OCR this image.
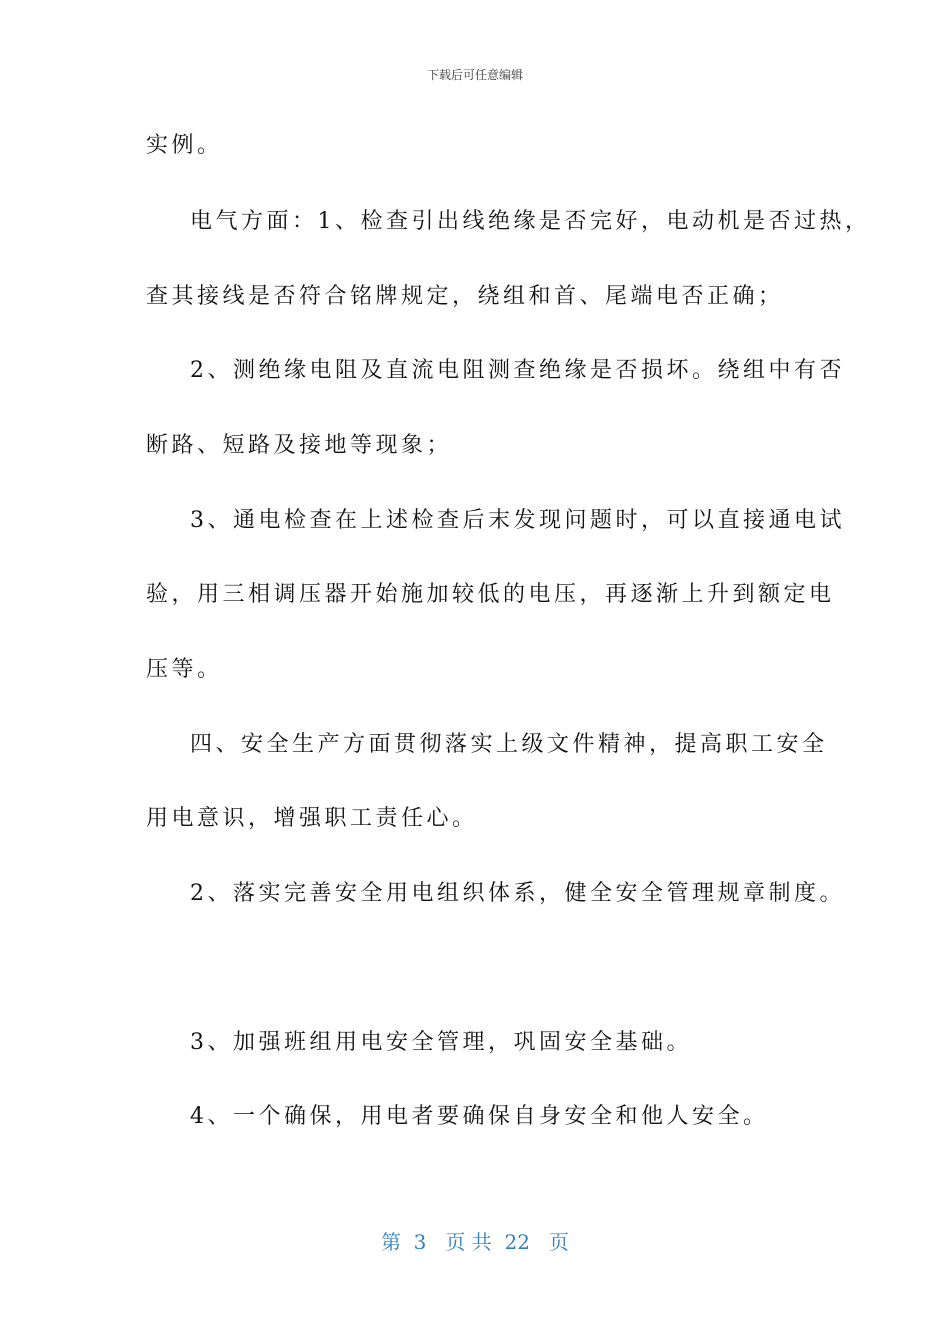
下载后可任意编辑
实例。
电气方面：1、检查引出线绝缘是否完好，电动机是否过热，
查其接线是否符合铭牌规定，绕组和首、尾端电否正确；
2、测绝缘电阻及直流电阻测查绝缘是否损坏。绕组中有否
断路、短路及接地等现象；
3、通电检查在上述检查后末发现问题时，可以直接通电试
验，用三相调压器开始施加较低的电压，再逐渐上升到额定电
压等。
四、安全生产方面贯彻落实上级文件精神，提高职工安全
用电意识，增强职工责任心。
2、落实完善安全用电组织体系，健全安全管理规章制度。
3、加强班组用电安全管理，巩固安全基础。
4、一个确保，用电者要确保自身安全和他人安全。
第  3   页 共  22   页
